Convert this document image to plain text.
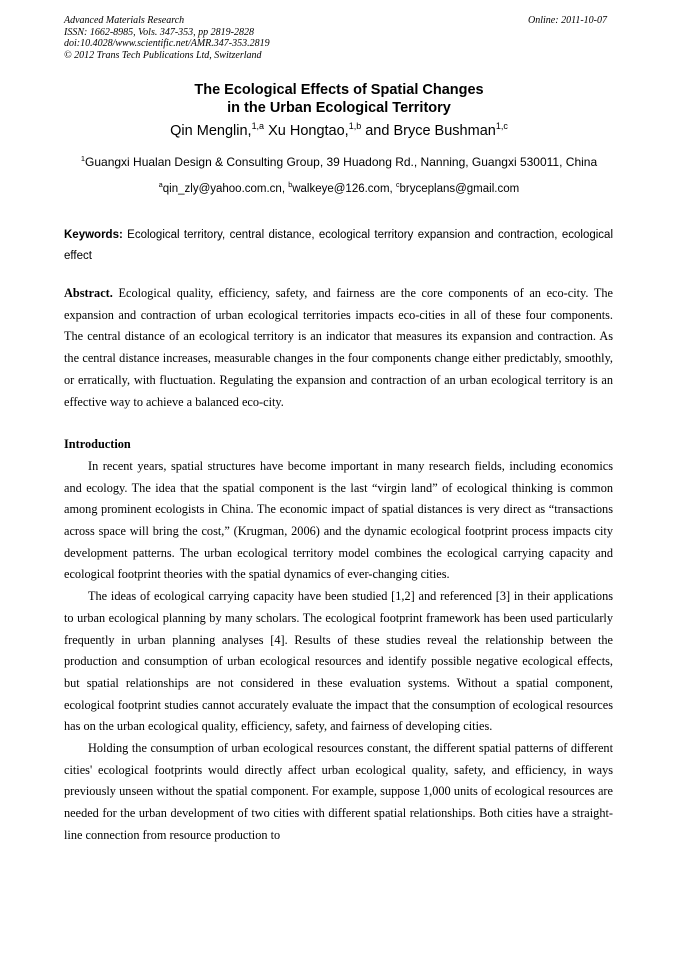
Advanced Materials Research
ISSN: 1662-8985, Vols. 347-353, pp 2819-2828
doi:10.4028/www.scientific.net/AMR.347-353.2819
© 2012 Trans Tech Publications Ltd, Switzerland
Online: 2011-10-07
The Ecological Effects of Spatial Changes
in the Urban Ecological Territory
Qin Menglin,$^{1,a}$ Xu Hongtao,$^{1,b}$ and Bryce Bushman$^{1,c}$
$^1$Guangxi Hualan Design & Consulting Group, 39 Huadong Rd., Nanning, Guangxi 530011, China
$^a$qin_zly@yahoo.com.cn, $^b$walkeye@126.com, $^c$bryceplans@gmail.com
Keywords: Ecological territory, central distance, ecological territory expansion and contraction, ecological effect

Abstract. Ecological quality, efficiency, safety, and fairness are the core components of an eco-city. The expansion and contraction of urban ecological territories impacts eco-cities in all of these four components. The central distance of an ecological territory is an indicator that measures its expansion and contraction. As the central distance increases, measurable changes in the four components change either predictably, smoothly, or erratically, with fluctuation. Regulating the expansion and contraction of an urban ecological territory is an effective way to achieve a balanced eco-city.

Introduction

In recent years, spatial structures have become important in many research fields, including economics and ecology. The idea that the spatial component is the last “virgin land” of ecological thinking is common among prominent ecologists in China. The economic impact of spatial distances is very direct as “transactions across space will bring the cost,” (Krugman, 2006) and the dynamic ecological footprint process impacts city development patterns. The urban ecological territory model combines the ecological carrying capacity and ecological footprint theories with the spatial dynamics of ever-changing cities.

The ideas of ecological carrying capacity have been studied [1,2] and referenced [3] in their applications to urban ecological planning by many scholars. The ecological footprint framework has been used particularly frequently in urban planning analyses [4]. Results of these studies reveal the relationship between the production and consumption of urban ecological resources and identify possible negative ecological effects, but spatial relationships are not considered in these evaluation systems. Without a spatial component, ecological footprint studies cannot accurately evaluate the impact that the consumption of ecological resources has on the urban ecological quality, efficiency, safety, and fairness of developing cities.

Holding the consumption of urban ecological resources constant, the different spatial patterns of different cities' ecological footprints would directly affect urban ecological quality, safety, and efficiency, in ways previously unseen without the spatial component. For example, suppose 1,000 units of ecological resources are needed for the urban development of two cities with different spatial relationships. Both cities have a straight-line connection from resource production to
